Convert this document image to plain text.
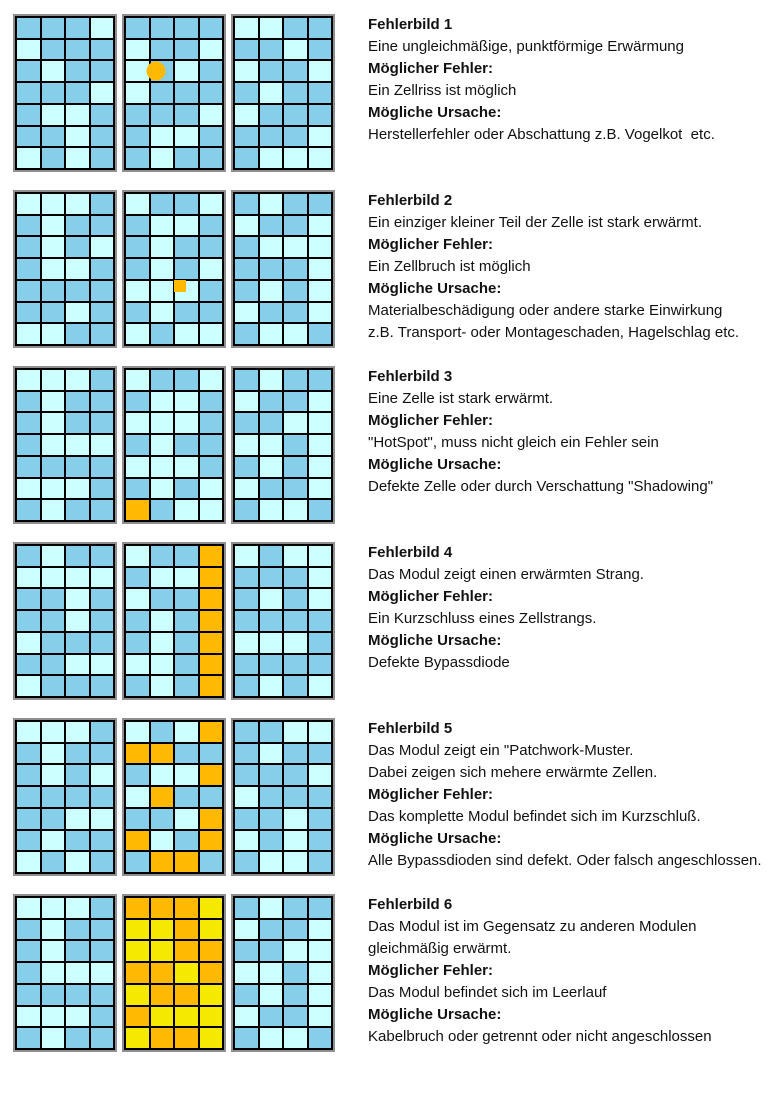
Fehlerbild 1

Eine ungleichmäßige, punktförmige Erwärmung

Möglicher Fehler:

Ein Zellriss ist möglich

Mögliche Ursache:

Herstellerfehler oder Abschattung z.B. Vogelkot  etc.

Fehlerbild 2

Ein einziger kleiner Teil der Zelle ist stark erwärmt.

Möglicher Fehler:

Ein Zellbruch ist möglich

Mögliche Ursache:

Materialbeschädigung oder andere starke Einwirkung

z.B. Transport- oder Montageschaden, Hagelschlag etc.

Fehlerbild 3

Eine Zelle ist stark erwärmt.

Möglicher Fehler:

"HotSpot", muss nicht gleich ein Fehler sein

Mögliche Ursache:

Defekte Zelle oder durch Verschattung "Shadowing"

Fehlerbild 4

Das Modul zeigt einen erwärmten Strang.

Möglicher Fehler:

Ein Kurzschluss eines Zellstrangs.

Mögliche Ursache:

Defekte Bypassdiode

Fehlerbild 5

Das Modul zeigt ein "Patchwork-Muster.

Dabei zeigen sich mehere erwärmte Zellen.

Möglicher Fehler:

Das komplette Modul befindet sich im Kurzschluß.

Mögliche Ursache:

Alle Bypassdioden sind defekt. Oder falsch angeschlossen.

Fehlerbild 6

Das Modul ist im Gegensatz zu anderen Modulen

gleichmäßig erwärmt.

Möglicher Fehler:

Das Modul befindet sich im Leerlauf

Mögliche Ursache:

Kabelbruch oder getrennt oder nicht angeschlossen
